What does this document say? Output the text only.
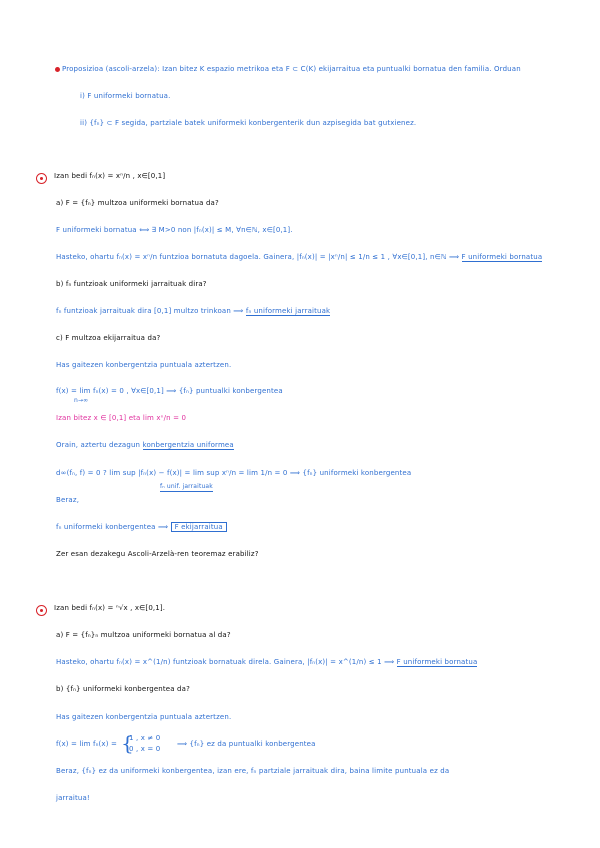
Proposizioa (ascoli-arzela): Izan bitez K espazio metrikoa eta F ⊂ C(K) ekijarraitua eta puntualki bornatua den familia. Orduan
i) F uniformeki bornatua.
ii) {fₙ} ⊂ F segida, partziale batek uniformeki konbergenterik dun azpisegida bat gutxienez.
Izan bedi fₙ(x) = xⁿ/n , x∈[0,1]
a) F = {fₙ} multzoa uniformeki bornatua da?
F uniformeki bornatua ⟺ ∃ M>0 non |fₙ(x)| ≤ M, ∀n∈ℕ, x∈[0,1].
Hasteko, ohartu fₙ(x) = xⁿ/n funtzioa bornatuta dagoela. Gainera, |fₙ(x)| = |xⁿ/n| ≤ 1/n ≤ 1 , ∀x∈[0,1], n∈ℕ ⟹ F uniformeki bornatua
b) fₙ funtzioak uniformeki jarraituak dira?
fₙ funtzioak jarraituak dira [0,1] multzo trinkoan ⟹ fₙ uniformeki jarraituak
c) F multzoa ekijarraitua da?
Has gaitezen konbergentzia puntuala aztertzen.
f(x) = lim fₙ(x) = 0 , ∀x∈[0,1] ⟹ {fₙ} puntualki konbergentea
n→∞
Izan bitez x ∈ [0,1] eta lim xⁿ/n = 0
Orain, aztertu dezagun konbergentzia uniformea
d∞(fₙ, f) = 0 ? lim sup |fₙ(x) − f(x)| = lim sup xⁿ/n = lim 1/n = 0 ⟹ {fₙ} uniformeki konbergentea
fₙ unif. jarraituak
Beraz,
fₙ uniformeki konbergentea ⟹ F ekijarraitua
Zer esan dezakegu Ascoli-Arzelà-ren teoremaz erabiliz?
Izan bedi fₙ(x) = ⁿ√x , x∈[0,1].
a) F = {fₙ}ₙ multzoa uniformeki bornatua al da?
Hasteko, ohartu fₙ(x) = x^(1/n) funtzioak bornatuak direla. Gainera, |fₙ(x)| = x^(1/n) ≤ 1 ⟹ F uniformeki bornatua
b) {fₙ} uniformeki konbergentea da?
Has gaitezen konbergentzia puntuala aztertzen.
f(x) = lim fₙ(x) = {
1 , x ≠ 0
0 , x = 0
⟹ {fₙ} ez da puntualki konbergentea
Beraz, {fₙ} ez da uniformeki konbergentea, izan ere, fₙ partziale jarraituak dira, baina limite puntuala ez da
jarraitua!
